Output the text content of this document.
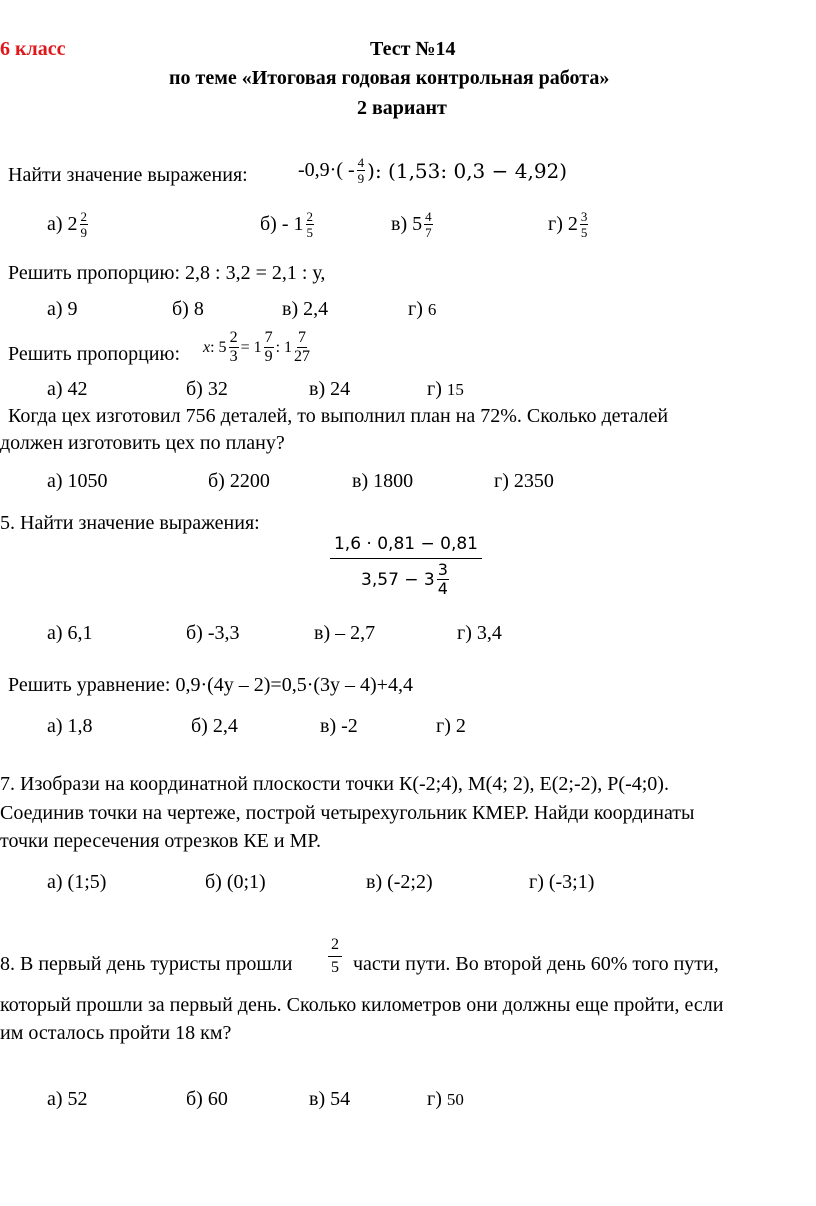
6 класс	Тест №14
по теме «Итоговая годовая контрольная работа»
2 вариант
Найти значение выражения:	$-0,9\cdot( - \frac{4}{9}$ ): (1,53: 0,3 − 4,92)
а) $2 \frac{2}{9}$	$б) - 1 \frac{2}{5}$	в) $5 \frac{4}{7}$	г) $2 \frac{3}{5}$
Решить пропорцию: 2,8 : 3,2 = 2,1 : у,
а) 9	б) 8	в) 2,4	г) 6
Решить пропорцию: x : $5 \frac{2}{3} = 1 \frac{7}{9}$ : $1 \frac{7}{27}$
а) 42	б) 32	в) 24	г) 15
Когда цех изготовил 756 деталей, то выполнил план на 72%. Сколько деталей
должен изготовить цех по плану?
а) 1050	б) 2200	в) 1800	г) 2350
5. Найти значение выражения:
$\frac{1,6 \cdot 0,81 - 0,81}{3,57 - 3 \frac{3}{4}}$
а) 6,1	б) -3,3	в) – 2,7	г) 3,4
Решить уравнение: 0,9·(4у – 2)=0,5·(3у – 4)+4,4
а) 1,8	б) 2,4	в) -2	г) 2
7. Изобрази на координатной плоскости точки К(-2;4), М(4; 2), Е(2;-2), Р(-4;0).
Соединив точки на чертеже, построй четырехугольник КМЕР. Найди координаты
точки пересечения отрезков КЕ и МР.
а) (1;5)	б) (0;1)	в) (-2;2)	г) (-3;1)
8. В первый день туристы прошли $\frac{2}{5}$ части пути. Во второй день 60% того пути,
который прошли за первый день. Сколько километров они должны еще пройти, если
им осталось пройти 18 км?
а) 52	б) 60	в) 54	г) 50
